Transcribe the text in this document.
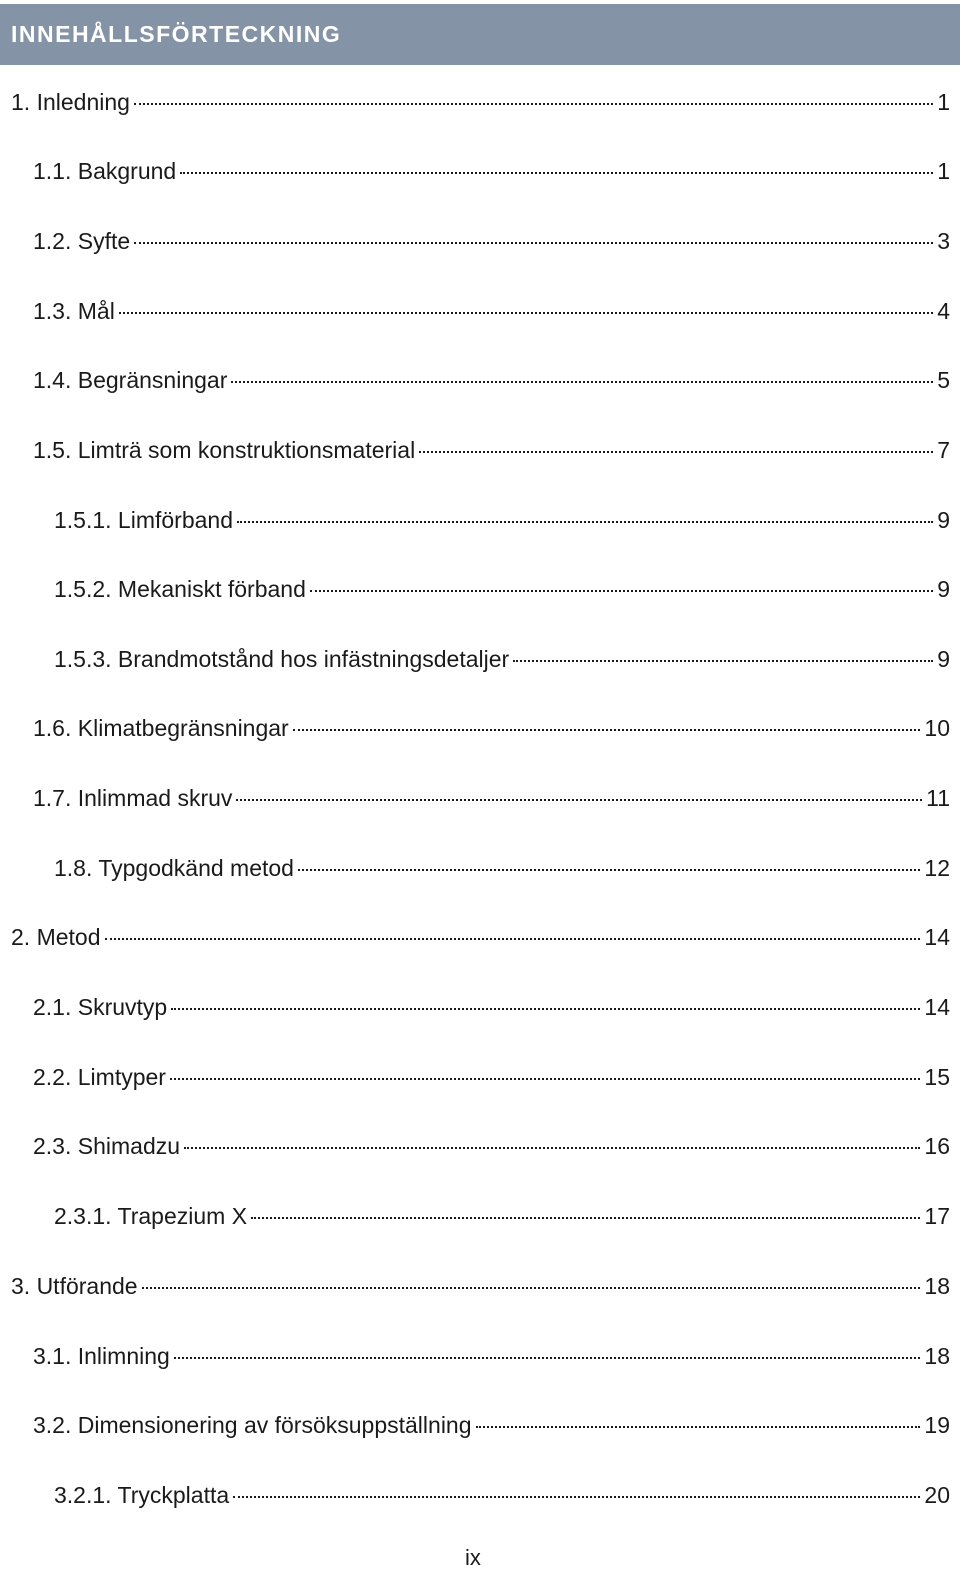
INNEHÅLLSFÖRTECKNING
1. Inledning	1
1.1. Bakgrund	1
1.2. Syfte	3
1.3. Mål	4
1.4. Begränsningar	5
1.5. Limträ som konstruktionsmaterial	7
1.5.1. Limförband	9
1.5.2. Mekaniskt förband	9
1.5.3. Brandmotstånd hos infästningsdetaljer	9
1.6. Klimatbegränsningar	10
1.7. Inlimmad skruv	11
1.8. Typgodkänd metod	12
2. Metod	14
2.1. Skruvtyp	14
2.2. Limtyper	15
2.3. Shimadzu	16
2.3.1. Trapezium X	17
3. Utförande	18
3.1. Inlimning	18
3.2. Dimensionering av försöksuppställning	19
3.2.1. Tryckplatta	20
ix
